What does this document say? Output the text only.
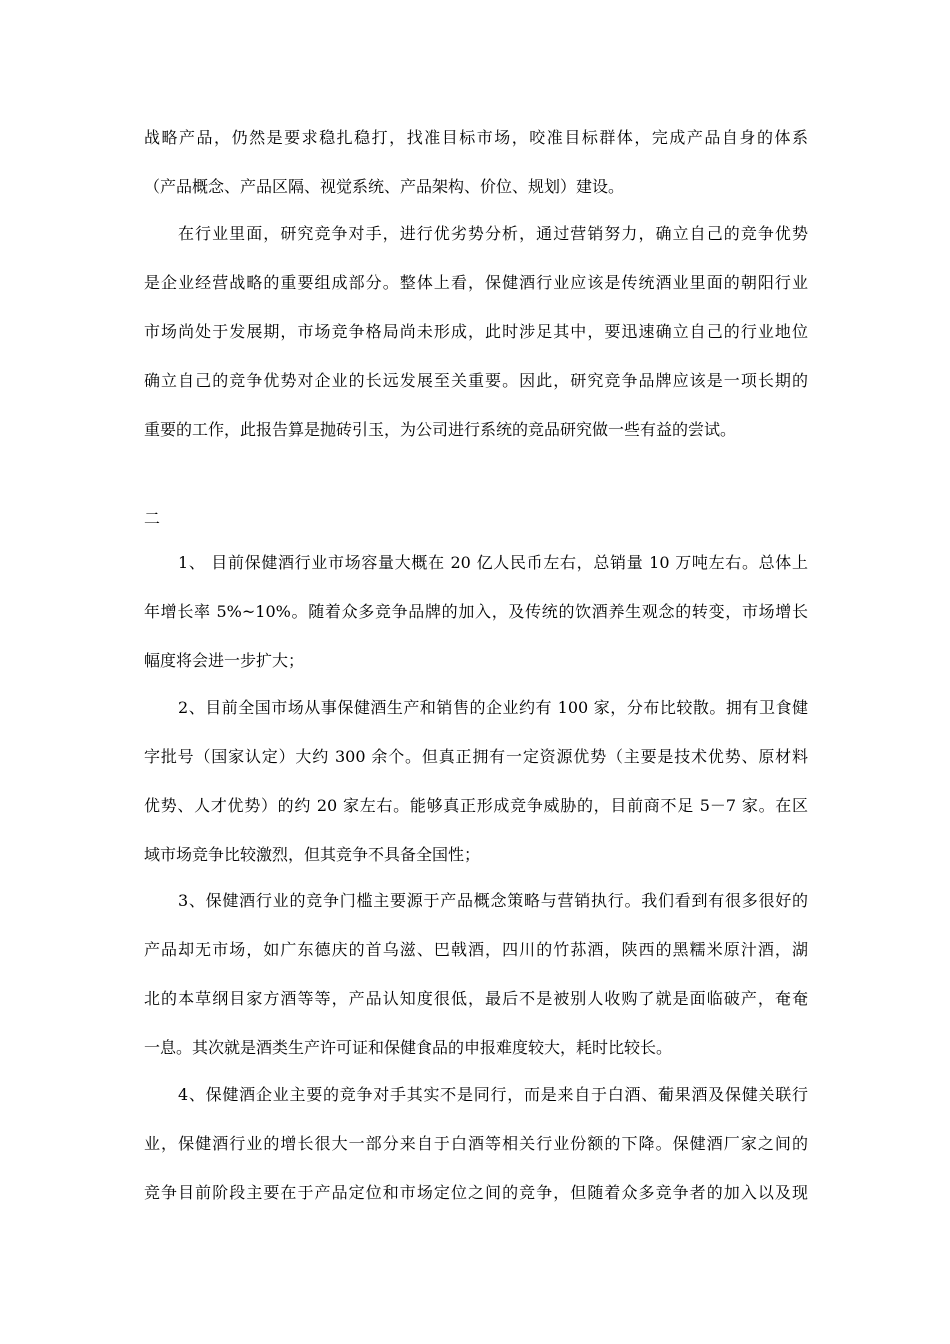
战略产品，仍然是要求稳扎稳打，找准目标市场，咬准目标群体，完成产品自身的体系
（产品概念、产品区隔、视觉系统、产品架构、价位、规划）建设。
在行业里面，研究竞争对手，进行优劣势分析，通过营销努力，确立自己的竞争优势
是企业经营战略的重要组成部分。整体上看，保健酒行业应该是传统酒业里面的朝阳行业
市场尚处于发展期，市场竞争格局尚未形成，此时涉足其中，要迅速确立自己的行业地位
确立自己的竞争优势对企业的长远发展至关重要。因此，研究竞争品牌应该是一项长期的
重要的工作，此报告算是抛砖引玉，为公司进行系统的竞品研究做一些有益的尝试。
二
1、 目前保健酒行业市场容量大概在 20 亿人民币左右，总销量 10 万吨左右。总体上
年增长率 5%~10%。随着众多竞争品牌的加入，及传统的饮酒养生观念的转变，市场增长
幅度将会进一步扩大；
2、目前全国市场从事保健酒生产和销售的企业约有 100 家，分布比较散。拥有卫食健
字批号（国家认定）大约 300 余个。但真正拥有一定资源优势（主要是技术优势、原材料
优势、人才优势）的约 20 家左右。能够真正形成竞争威胁的，目前商不足 5－7 家。在区
域市场竞争比较激烈，但其竞争不具备全国性；
3、保健酒行业的竞争门槛主要源于产品概念策略与营销执行。我们看到有很多很好的
产品却无市场，如广东德庆的首乌滋、巴戟酒，四川的竹荪酒，陕西的黑糯米原汁酒，湖
北的本草纲目家方酒等等，产品认知度很低，最后不是被别人收购了就是面临破产，奄奄
一息。其次就是酒类生产许可证和保健食品的申报难度较大，耗时比较长。
4、保健酒企业主要的竞争对手其实不是同行，而是来自于白酒、葡果酒及保健关联行
业，保健酒行业的增长很大一部分来自于白酒等相关行业份额的下降。保健酒厂家之间的
竞争目前阶段主要在于产品定位和市场定位之间的竞争，但随着众多竞争者的加入以及现
